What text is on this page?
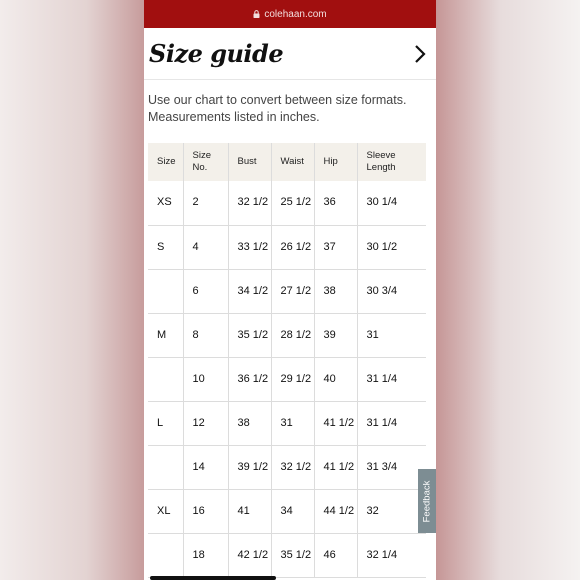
colehaan.com
Size guide
Use our chart to convert between size formats. Measurements listed in inches.
Size	Size No.	Bust	Waist	Hip	Sleeve Length
XS	2	32 1/2	25 1/2	36	30 1/4
S	4	33 1/2	26 1/2	37	30 1/2
	6	34 1/2	27 1/2	38	30 3/4
M	8	35 1/2	28 1/2	39	31
	10	36 1/2	29 1/2	40	31 1/4
L	12	38	31	41 1/2	31 1/4
	14	39 1/2	32 1/2	41 1/2	31 3/4
XL	16	41	34	44 1/2	32
	18	42 1/2	35 1/2	46	32 1/4
Feedback
